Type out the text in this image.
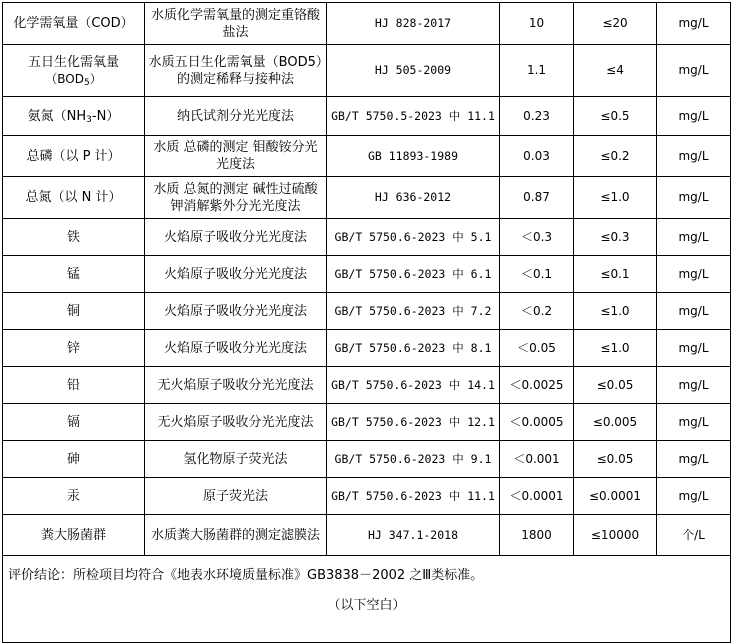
化学需氧量（COD）	水质化学需氧量的测定重铬酸盐法	HJ 828-2017	10	≤20	mg/L
五日生化需氧量
$(BOD_5)$	水质五日生化需氧量（BOD5）的测定稀释与接种法	HJ 505-2009	1.1	≤4	mg/L
氨氮$(NH_3-N)$	纳氏试剂分光光度法	GB/T 5750.5-2023 中 11.1	0.23	≤0.5	mg/L
总磷（以 P 计）	水质 总磷的测定 钼酸铵分光光度法	GB 11893-1989	0.03	≤0.2	mg/L
总氮（以 N 计）	水质 总氮的测定 碱性过硫酸钾消解紫外分光光度法	HJ 636-2012	0.87	≤1.0	mg/L
铁	火焰原子吸收分光光度法	GB/T 5750.6-2023 中 5.1	＜0.3	≤0.3	mg/L
锰	火焰原子吸收分光光度法	GB/T 5750.6-2023 中 6.1	＜0.1	≤0.1	mg/L
铜	火焰原子吸收分光光度法	GB/T 5750.6-2023 中 7.2	＜0.2	≤1.0	mg/L
锌	火焰原子吸收分光光度法	GB/T 5750.6-2023 中 8.1	＜0.05	≤1.0	mg/L
铅	无火焰原子吸收分光光度法	GB/T 5750.6-2023 中 14.1	＜0.0025	≤0.05	mg/L
镉	无火焰原子吸收分光光度法	GB/T 5750.6-2023 中 12.1	＜0.0005	≤0.005	mg/L
砷	氢化物原子荧光法	GB/T 5750.6-2023 中 9.1	＜0.001	≤0.05	mg/L
汞	原子荧光法	GB/T 5750.6-2023 中 11.1	＜0.0001	≤0.0001	mg/L
粪大肠菌群	水质粪大肠菌群的测定滤膜法	HJ 347.1-2018	1800	≤10000	个/L

评价结论：所检项目均符合《地表水环境质量标准》GB3838－2002 之Ⅲ类标准。
（以下空白）					
